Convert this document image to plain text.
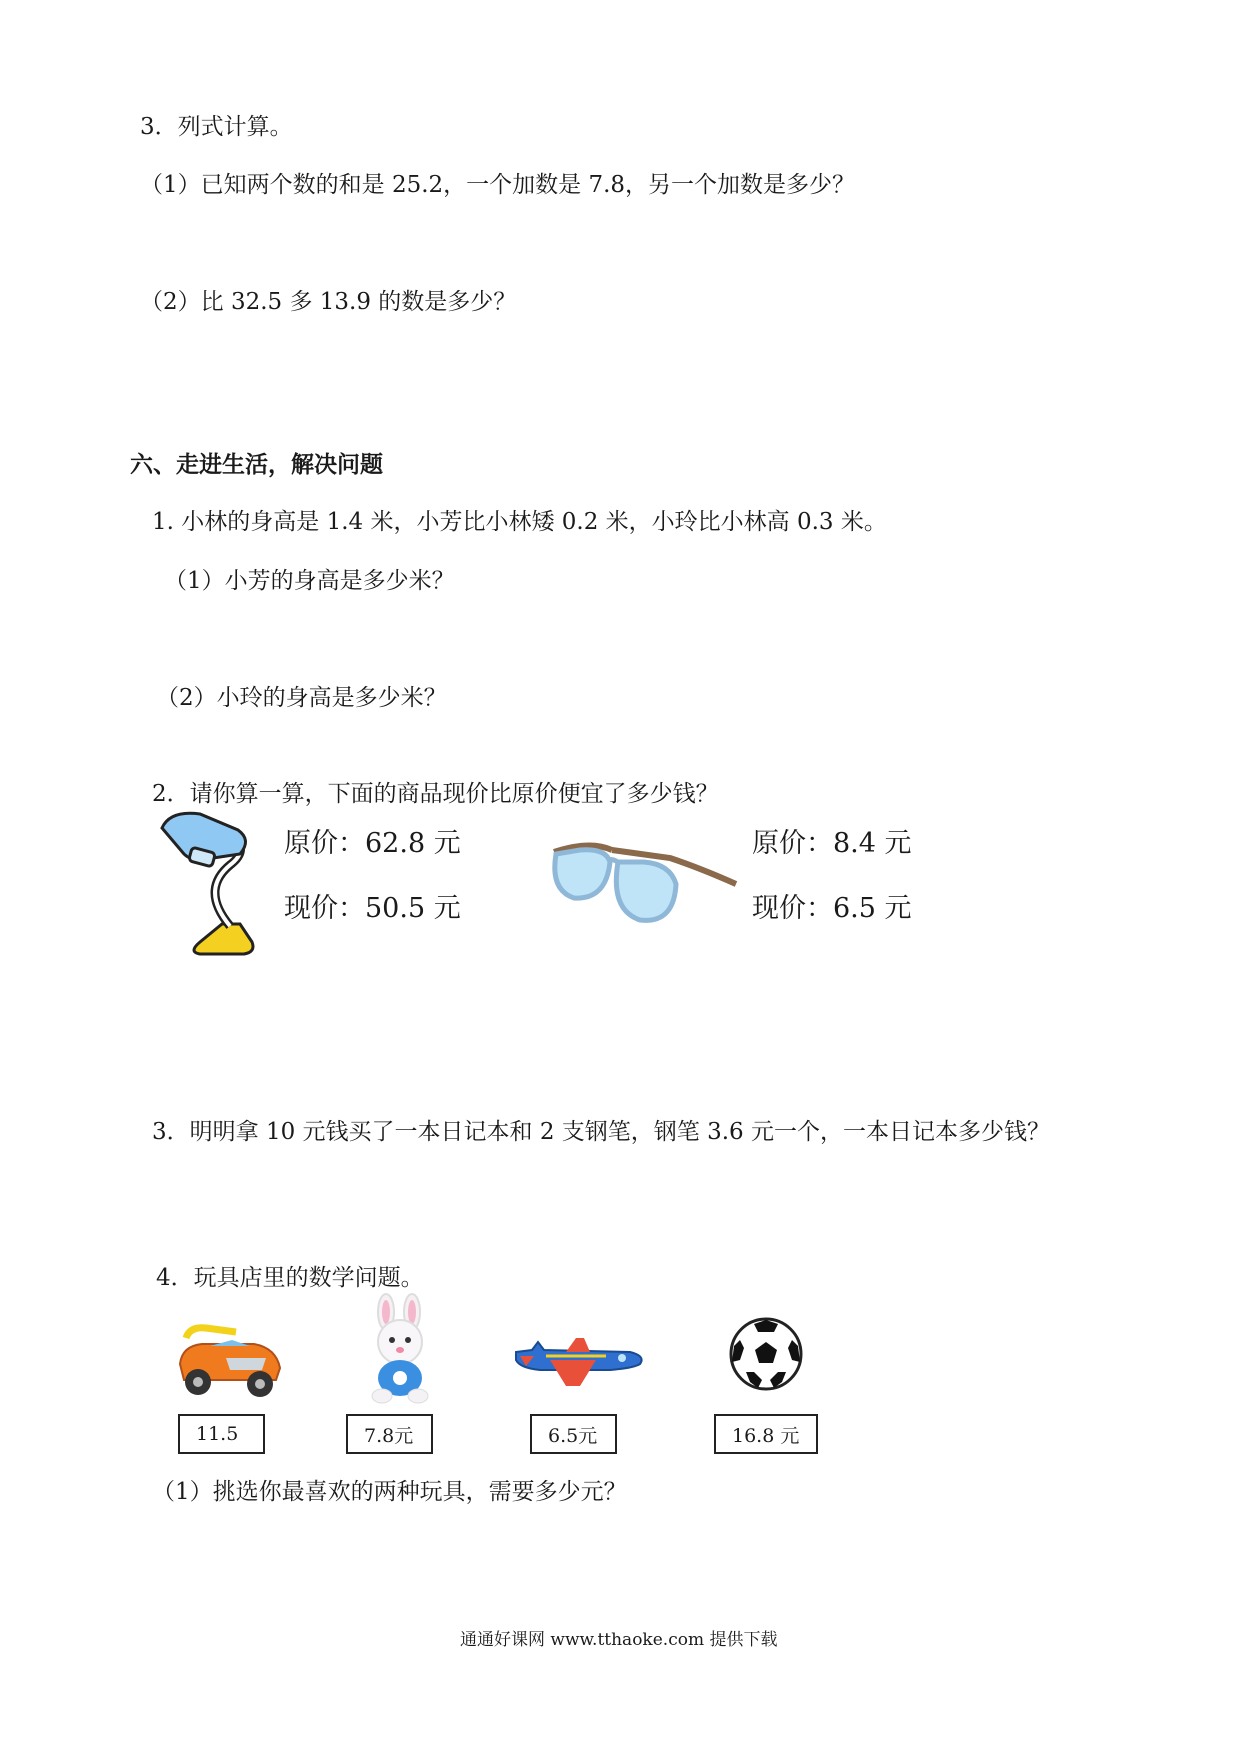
3．列式计算。
（1）已知两个数的和是 25.2，一个加数是 7.8，另一个加数是多少？
（2）比 32.5 多 13.9 的数是多少？
六、走进生活，解决问题
1. 小林的身高是 1.4 米，小芳比小林矮 0.2 米，小玲比小林高 0.3 米。
（1）小芳的身高是多少米？
（2）小玲的身高是多少米？
2．请你算一算，下面的商品现价比原价便宜了多少钱？
原价：62.8 元
现价：50.5 元
原价：8.4 元
现价：6.5 元
3．明明拿 10 元钱买了一本日记本和 2 支钢笔，钢笔 3.6 元一个，一本日记本多少钱？
4．玩具店里的数学问题。
11.5	7.8元	6.5元	16.8 元
（1）挑选你最喜欢的两种玩具，需要多少元？
通通好课网 www.tthaoke.com 提供下载
